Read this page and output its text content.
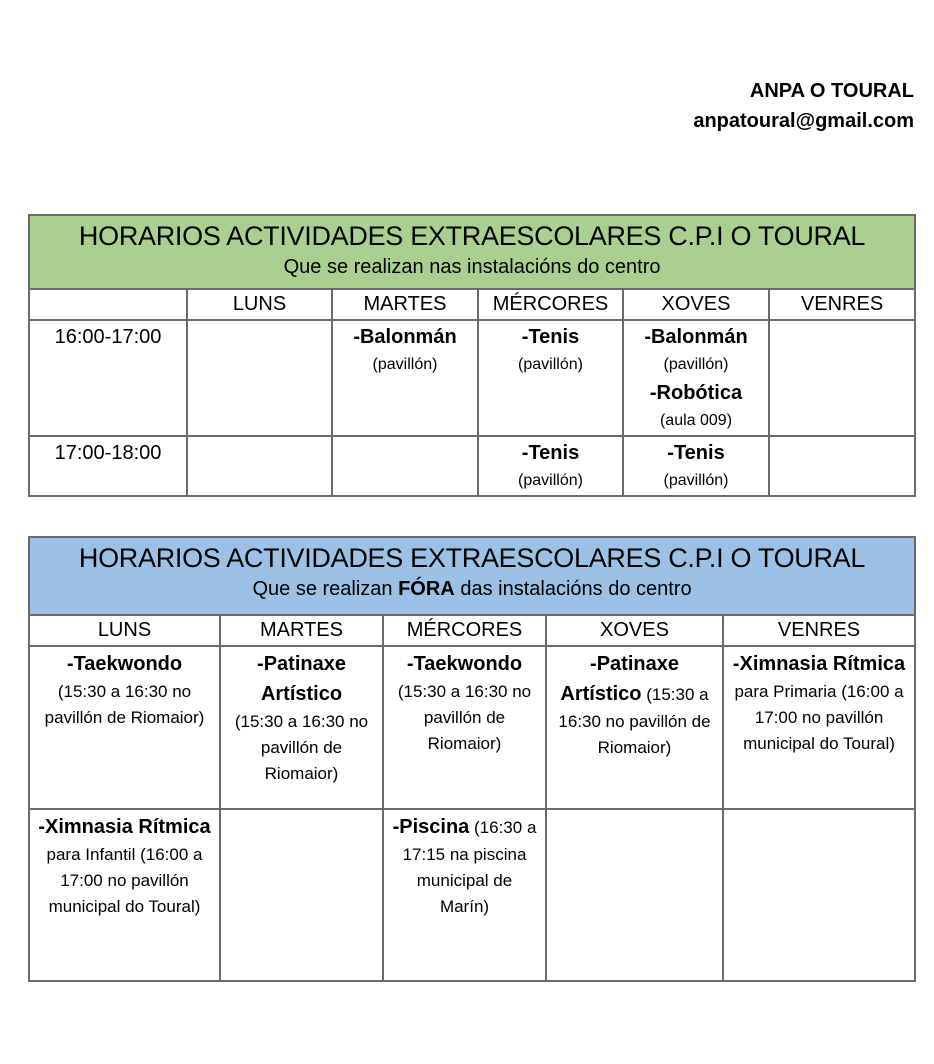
ANPA O TOURAL
anpatoural@gmail.com
HORARIOS ACTIVIDADES EXTRAESCOLARES C.P.I O TOURAL
Que se realizan nas instalacións do centro					

	LUNS	MARTES	MÉRCORES	XOVES	VENRES
16:00-17:00		-Balonmán
(pavillón)	-Tenis
(pavillón)	-Balonmán
(pavillón)
-Robótica
(aula 009)	

17:00-18:00			-Tenis
(pavillón)	-Tenis
(pavillón)	

HORARIOS ACTIVIDADES EXTRAESCOLARES C.P.I O TOURAL
Que se realizan FÓRA das instalacións do centro				

LUNS	MARTES	MÉRCORES	XOVES	VENRES
-Taekwondo
(15:30 a 16:30 no pavillón de Riomaior)	-Patinaxe Artístico
(15:30 a 16:30 no pavillón de Riomaior)	-Taekwondo
(15:30 a 16:30 no pavillón de Riomaior)	-Patinaxe Artístico (15:30 a 16:30 no pavillón de Riomaior)	-Ximnasia Rítmica para Primaria (16:00 a 17:00 no pavillón municipal do Toural)
-Ximnasia Rítmica para Infantil (16:00 a 17:00 no pavillón municipal do Toural)		-Piscina (16:30 a 17:15 na piscina municipal de Marín)		
